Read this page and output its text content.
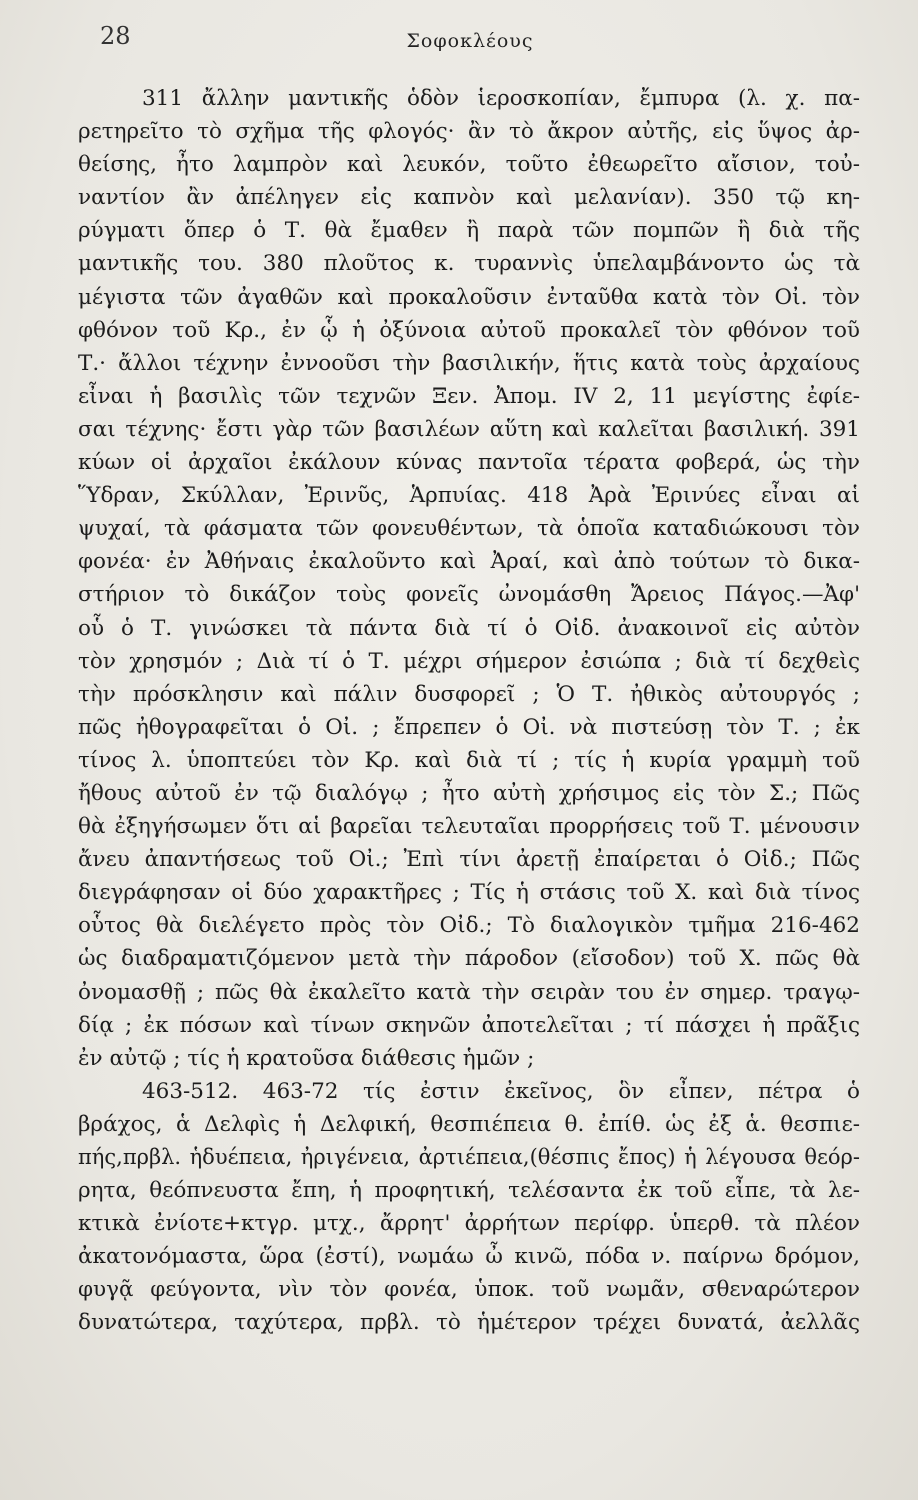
28	Σοφοκλέους
311 ἄλλην μαντικῆς ὁδὸν ἱεροσκοπίαν, ἔμπυρα (λ. χ. πα-
ρετηρεῖτο τὸ σχῆμα τῆς φλογός· ἂν τὸ ἄκρον αὐτῆς, εἰς ὕψος ἀρ-
θείσης, ἦτο λαμπρὸν καὶ λευκόν, τοῦτο ἐθεωρεῖτο αἴσιον, τοὐ-
ναντίον ἂν ἀπέληγεν εἰς καπνὸν καὶ μελανίαν). 350 τῷ κη-
ρύγματι ὅπερ ὁ Τ. θὰ ἔμαθεν ἢ παρὰ τῶν πομπῶν ἢ διὰ τῆς
μαντικῆς του. 380 πλοῦτος κ. τυραννὶς ὑπελαμβάνοντο ὡς τὰ
μέγιστα τῶν ἀγαθῶν καὶ προκαλοῦσιν ἐνταῦθα κατὰ τὸν Οἰ. τὸν
φθόνον τοῦ Κρ., ἐν ᾧ ἡ ὀξύνοια αὐτοῦ προκαλεῖ τὸν φθόνον τοῦ
Τ.· ἄλλοι τέχνην ἐννοοῦσι τὴν βασιλικήν, ἥτις κατὰ τοὺς ἀρχαίους
εἶναι ἡ βασιλὶς τῶν τεχνῶν Ξεν. Ἀπομ. IV 2, 11 μεγίστης ἐφίε-
σαι τέχνης· ἔστι γὰρ τῶν βασιλέων αὕτη καὶ καλεῖται βασιλική. 391
κύων οἱ ἀρχαῖοι ἐκάλουν κύνας παντοῖα τέρατα φοβερά, ὡς τὴν
Ὕδραν, Σκύλλαν, Ἐρινῦς, Ἁρπυίας. 418 Ἀρὰ Ἐρινύες εἶναι αἱ
ψυχαί, τὰ φάσματα τῶν φονευθέντων, τὰ ὁποῖα καταδιώκουσι τὸν
φονέα· ἐν Ἀθήναις ἐκαλοῦντο καὶ Ἀραί, καὶ ἀπὸ τούτων τὸ δικα-
στήριον τὸ δικάζον τοὺς φονεῖς ὠνομάσθη Ἄρειος Πάγος.—Ἀφ'
οὗ ὁ Τ. γινώσκει τὰ πάντα διὰ τί ὁ Οἰδ. ἀνακοινοῖ εἰς αὐτὸν
τὸν χρησμόν ; Διὰ τί ὁ Τ. μέχρι σήμερον ἐσιώπα ; διὰ τί δεχθεὶς
τὴν πρόσκλησιν καὶ πάλιν δυσφορεῖ ; Ὁ Τ. ἠθικὸς αὐτουργός ;
πῶς ἠθογραφεῖται ὁ Οἰ. ; ἔπρεπεν ὁ Οἰ. νὰ πιστεύσῃ τὸν Τ. ; ἐκ
τίνος λ. ὑποπτεύει τὸν Κρ. καὶ διὰ τί ; τίς ἡ κυρία γραμμὴ τοῦ
ἤθους αὐτοῦ ἐν τῷ διαλόγῳ ; ἦτο αὐτὴ χρήσιμος εἰς τὸν Σ.; Πῶς
θὰ ἐξηγήσωμεν ὅτι αἱ βαρεῖαι τελευταῖαι προρρήσεις τοῦ Τ. μένουσιν
ἄνευ ἀπαντήσεως τοῦ Οἰ.; Ἐπὶ τίνι ἀρετῇ ἐπαίρεται ὁ Οἰδ.; Πῶς
διεγράφησαν οἱ δύο χαρακτῆρες ; Τίς ἡ στάσις τοῦ Χ. καὶ διὰ τίνος
οὗτος θὰ διελέγετο πρὸς τὸν Οἰδ.; Τὸ διαλογικὸν τμῆμα 216-462
ὡς διαδραματιζόμενον μετὰ τὴν πάροδον (εἴσοδον) τοῦ Χ. πῶς θὰ
ὀνομασθῇ ; πῶς θὰ ἐκαλεῖτο κατὰ τὴν σειρὰν του ἐν σημερ. τραγῳ-
δίᾳ ; ἐκ πόσων καὶ τίνων σκηνῶν ἀποτελεῖται ; τί πάσχει ἡ πρᾶξις
ἐν αὐτῷ ; τίς ἡ κρατοῦσα διάθεσις ἡμῶν ;
463-512. 463-72 τίς ἐστιν ἐκεῖνος, ὃν εἶπεν, πέτρα ὁ
βράχος, ἁ Δελφὶς ἡ Δελφική, θεσπιέπεια θ. ἐπίθ. ὡς ἐξ ἁ. θεσπιε-
πής,πρβλ. ἡδυέπεια, ἠριγένεια, ἀρτιέπεια,(θέσπις ἔπος) ἡ λέγουσα θεόρ-
ρητα, θεόπνευστα ἔπη, ἡ προφητική, τελέσαντα ἐκ τοῦ εἶπε, τὰ λε-
κτικὰ ἐνίοτε+κτγρ. μτχ., ἄρρητ' ἀρρήτων περίφρ. ὑπερθ. τὰ πλέον
ἀκατονόμαστα, ὥρα (ἐστί), νωμάω ὦ κινῶ, πόδα ν. παίρνω δρόμον,
φυγᾷ φεύγοντα, νὶν τὸν φονέα, ὑποκ. τοῦ νωμᾶν, σθεναρώτερον
δυνατώτερα, ταχύτερα, πρβλ. τὸ ἡμέτερον τρέχει δυνατά, ἀελλᾶς
